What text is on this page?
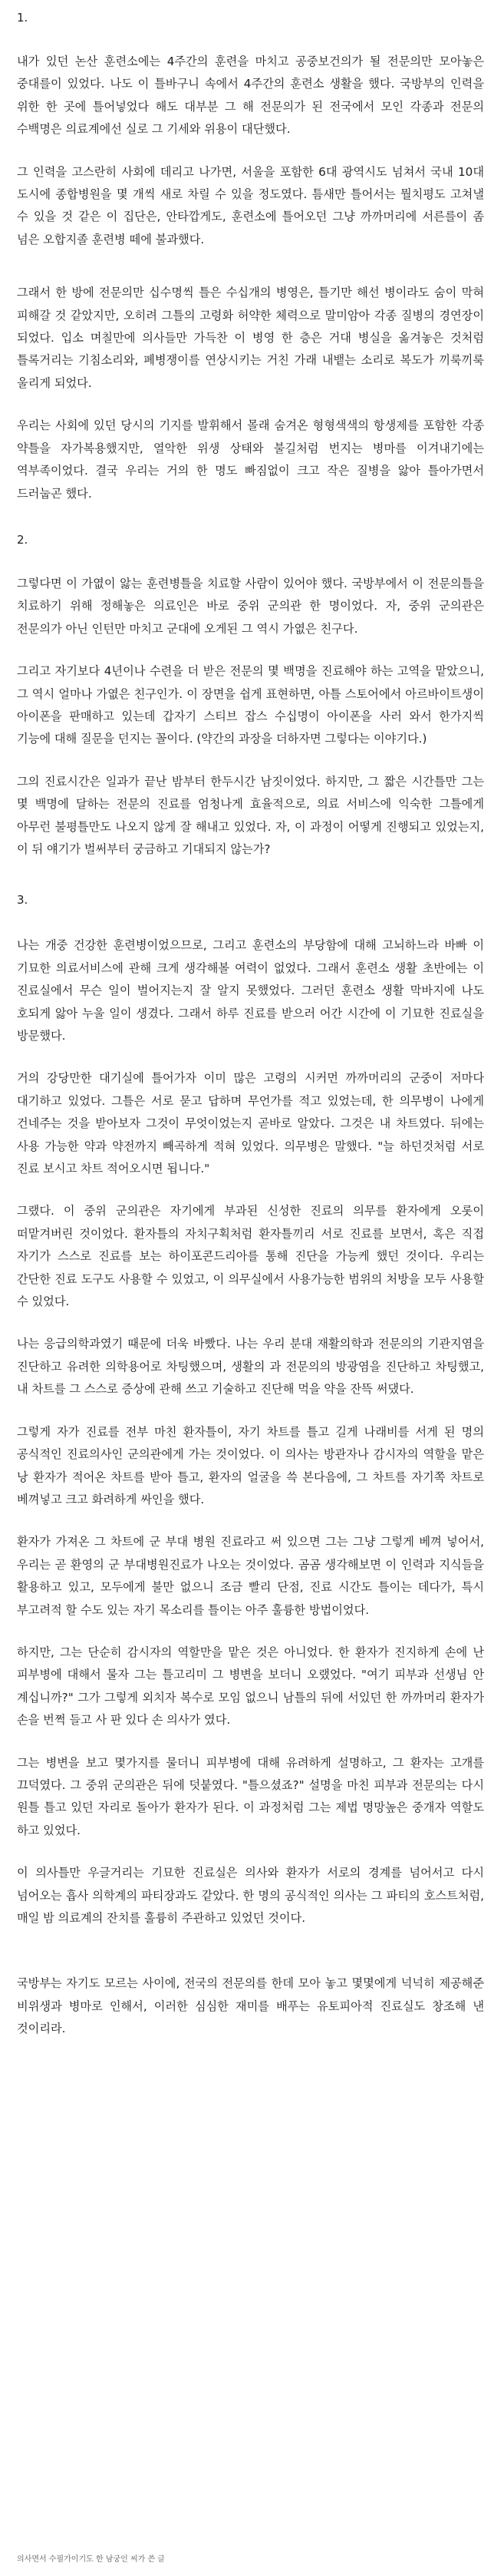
1.

내가 있던 논산 훈련소에는 4주간의 훈련을 마치고 공중보건의가 될 전문의만 모아놓은 중대를이 있었다. 나도 이 틀바구니 속에서 4주간의 훈련소 생활을 했다. 국방부의 인력을 위한 한 곳에 틀어넣었다 해도 대부분 그 해 전문의가 된 전국에서 모인 각종과 전문의 수백명은 의료계에선 실로 그 기세와 위용이 대단했다.

그 인력을 고스란히 사회에 데리고 나가면, 서울을 포함한 6대 광역시도 넘쳐서 국내 10대 도시에 종합병원을 몇 개씩 새로 차릴 수 있을 정도였다. 틈새만 틀어서는 뭘치평도 고쳐낼 수 있을 것 같은 이 집단은, 안타깝게도, 훈련소에 틀어오던 그냥 까까머리에 서른를이 좀 넘은 오합지졸 훈련병 떼에 불과했다.

그래서 한 방에 전문의만 십수명씩 틀은 수십개의 병영은, 틀기만 해선 병이라도 숨이 막혀 피해갈 것 같았지만, 오히려 그틀의 고령화 허약한 체력으로 말미암아 각종 질병의 경연장이 되었다. 입소 며칠만에 의사들만 가득찬 이 병영 한 층은 거대 병실을 옮겨놓은 것처럼 틀록거리는 기침소리와, 폐병쟁이를 연상시키는 거친 가래 내뱉는 소리로 복도가 끼룩끼룩 울리게 되었다.

우리는 사회에 있던 당시의 기지를 발휘해서 몰래 숨겨온 형형색색의 항생제를 포함한 각종 약틀을 자가복용했지만, 열악한 위생 상태와 불길처럼 번지는 병마를 이겨내기에는 역부족이었다. 결국 우리는 거의 한 명도 빠짐없이 크고 작은 질병을 앓아 틀아가면서 드러눕곤 했다.

2.

그렇다면 이 가엾이 앓는 훈련병틀을 치료할 사람이 있어야 했다. 국방부에서 이 전문의틀을 치료하기 위해 정해놓은 의료인은 바로 중위 군의관 한 명이었다. 자, 중위 군의관은 전문의가 아닌 인턴만 마치고 군대에 오게된 그 역시 가엾은 친구다.

그리고 자기보다 4년이나 수련을 더 받은 전문의 몇 백명을 진료해야 하는 고역을 맡았으니, 그 역시 얼마나 가엾은 친구인가. 이 장면을 쉽게 표현하면, 아틀 스토어에서 아르바이트생이 아이폰을 판매하고 있는데 갑자기 스티브 잡스 수십명이 아이폰을 사러 와서 한가지씩 기능에 대해 질문을 던지는 꼴이다. (약간의 과장을 더하자면 그렇다는 이야기다.)

그의 진료시간은 일과가 끝난 밤부터 한두시간 남짓이었다. 하지만, 그 짧은 시간틀만 그는 몇 백명에 달하는 전문의 진료를 엄청나게 효율적으로, 의료 서비스에 익숙한 그틀에게 아무런 불평틀만도 나오지 않게 잘 해내고 있었다. 자, 이 과정이 어떻게 진행되고 있었는지, 이 뒤 얘기가 벌써부터 궁금하고 기대되지 않는가?

3.

나는 개중 건강한 훈련병이었으므로, 그리고 훈련소의 부당함에 대해 고뇌하느라 바빠 이 기묘한 의료서비스에 관해 크게 생각해볼 여력이 없었다. 그래서 훈련소 생활 초반에는 이 진료실에서 무슨 일이 벌어지는지 잘 알지 못했었다. 그러던 훈련소 생활 막바지에 나도 호되게 앓아 누울 일이 생겼다. 그래서 하루 진료를 받으러 어간 시간에 이 기묘한 진료실을 방문했다.

거의 강당만한 대기실에 틀어가자 이미 많은 고령의 시커먼 까까머리의 군중이 저마다 대기하고 있었다. 그틀은 서로 묻고 답하며 무언가를 적고 있었는데, 한 의무병이 나에게 건네주는 것을 받아보자 그것이 무엇이었는지 곧바로 알았다. 그것은 내 차트였다. 뒤에는 사용 가능한 약과 약전까지 빼곡하게 적혀 있었다. 의무병은 말했다. "늘 하던것처럼 서로 진료 보시고 차트 적어오시면 됩니다."

그랬다. 이 중위 군의관은 자기에게 부과된 신성한 진료의 의무를 환자에게 오롯이 떠맡겨버린 것이었다. 환자틀의 자치구획처럼 환자틀끼리 서로 진료를 보면서, 혹은 직접 자기가 스스로 진료를 보는 하이포콘드리아를 통해 진단을 가능케 했던 것이다. 우리는 간단한 진료 도구도 사용할 수 있었고, 이 의무실에서 사용가능한 범위의 처방을 모두 사용할 수 있었다.

나는 응급의학과였기 때문에 더욱 바빴다. 나는 우리 분대 재활의학과 전문의의 기관지염을 진단하고 유려한 의학용어로 차팅했으며, 생활의 과 전문의의 방광염을 진단하고 차팅했고, 내 차트를 그 스스로 증상에 관해 쓰고 기술하고 진단해 먹을 약을 잔뜩 써댔다.

그렇게 자가 진료를 전부 마친 환자틀이, 자기 차트를 틀고 길게 나래비를 서게 된 명의 공식적인 진료의사인 군의관에게 가는 것이었다. 이 의사는 방관자나 감시자의 역할을 맡은 낭 환자가 적어온 차트를 받아 틀고, 환자의 얼굴을 쓱 본다음에, 그 차트를 자기쪽 차트로 베껴넣고 크고 화려하게 싸인을 했다.

환자가 가져온 그 차트에 군 부대 병원 진료라고 써 있으면 그는 그냥 그렇게 베껴 넣어서, 우리는 곧 환영의 군 부대병원진료가 나오는 것이었다. 곰곰 생각해보면 이 인력과 지식들을 활용하고 있고, 모두에게 불만 없으니 조금 빨리 단점, 진료 시간도 틀이는 데다가, 특시 부고려적 할 수도 있는 자기 목소리를 틀이는 아주 훌륭한 방법이었다.

하지만, 그는 단순히 감시자의 역할만을 맡은 것은 아니었다. 한 환자가 진지하게 손에 난 피부병에 대해서 물자 그는 틀고리미 그 병변을 보더니 오랬었다. "여기 피부과 선생님 안 계십니까?" 그가 그렇게 외치자 복수로 모임 없으니 남틀의 뒤에 서있던 한 까까머리 환자가 손을 번쩍 들고 사 판 있다 손 의사가 였다.

그는 병변을 보고 몇가지를 물더니 피부병에 대해 유려하게 설명하고, 그 환자는 고개를 끄덕였다. 그 중위 군의관은 뒤에 덧붙였다. "틀으셨죠?" 설명을 마친 피부과 전문의는 다시 원틀 틀고 있던 자리로 돌아가 환자가 된다. 이 과정처럼 그는 제법 명망높은 중개자 역할도 하고 있었다.

이 의사틀만 우글거리는 기묘한 진료실은 의사와 환자가 서로의 경계를 넘어서고 다시 넘어오는 흡사 의학계의 파티장과도 같았다. 한 명의 공식적인 의사는 그 파티의 호스트처럼, 매일 밤 의료계의 잔치를 훌륭히 주관하고 있었던 것이다.

국방부는 자기도 모르는 사이에, 전국의 전문의를 한데 모아 놓고 몇몇에게 넉넉히 제공해준 비위생과 병마로 인해서, 이러한 심심한 재미를 배푸는 유토피아적 진료실도 창조해 낸 것이리라.

의사면서 수필가이기도 한 남궁인 씨가 쓴 글
